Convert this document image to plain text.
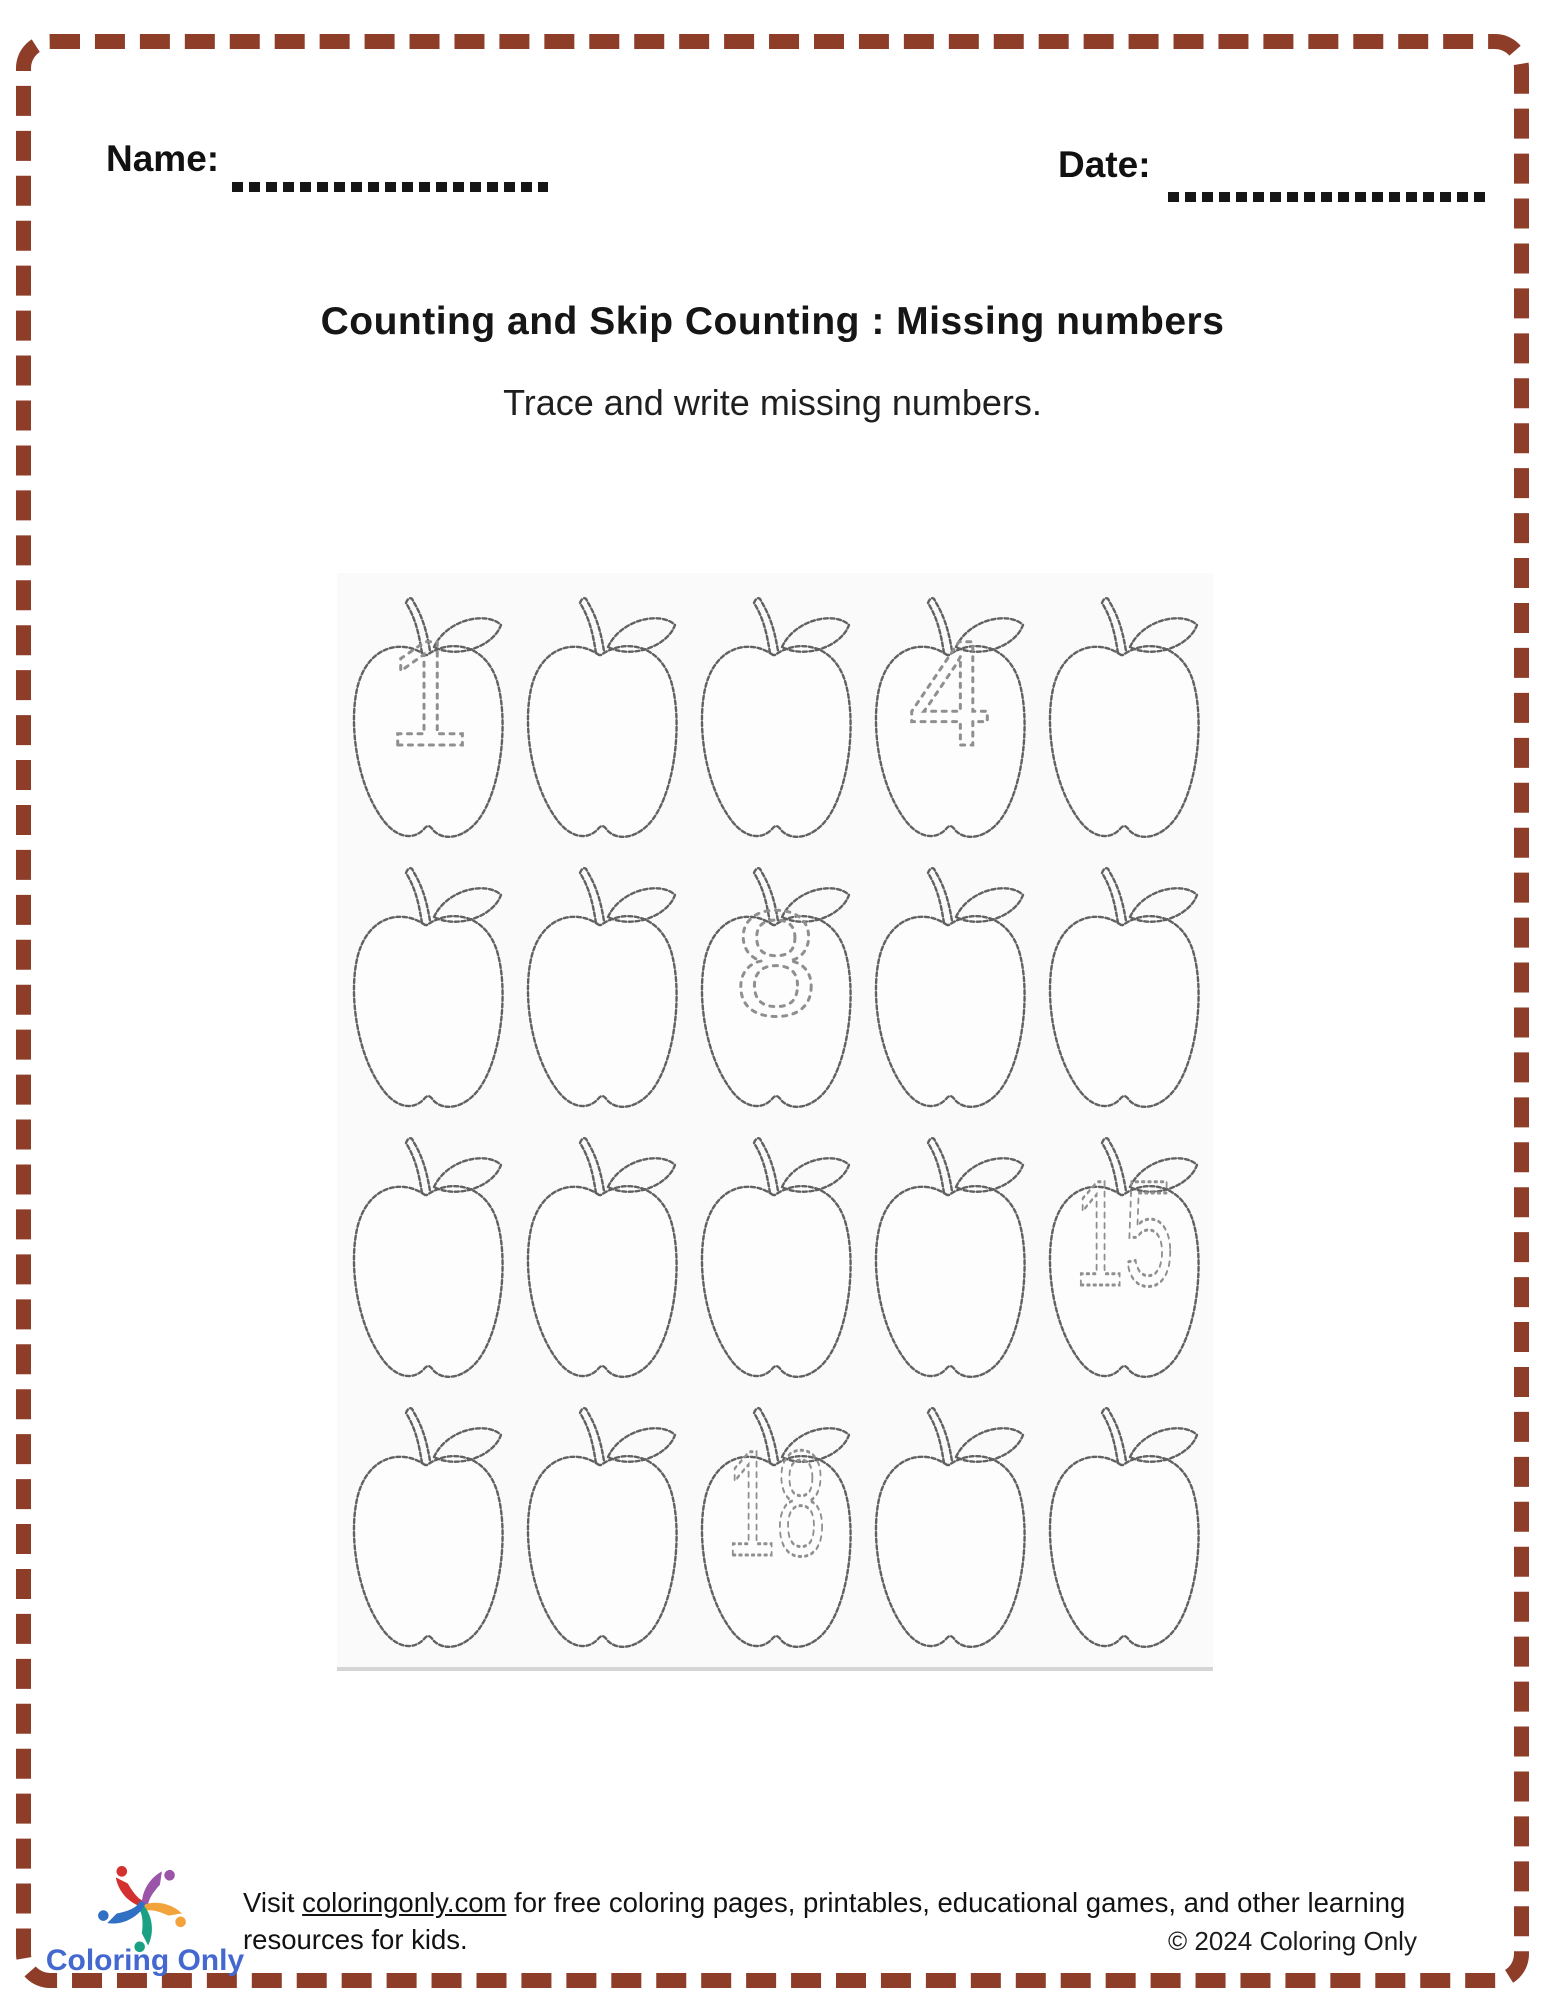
Name:	Date:
Counting and Skip Counting : Missing numbers
Trace and write missing numbers.
1	4
8
15
18
Coloring Only
Visit coloringonly.com for free coloring pages, printables, educational games, and other learning resources for kids.	© 2024 Coloring Only
